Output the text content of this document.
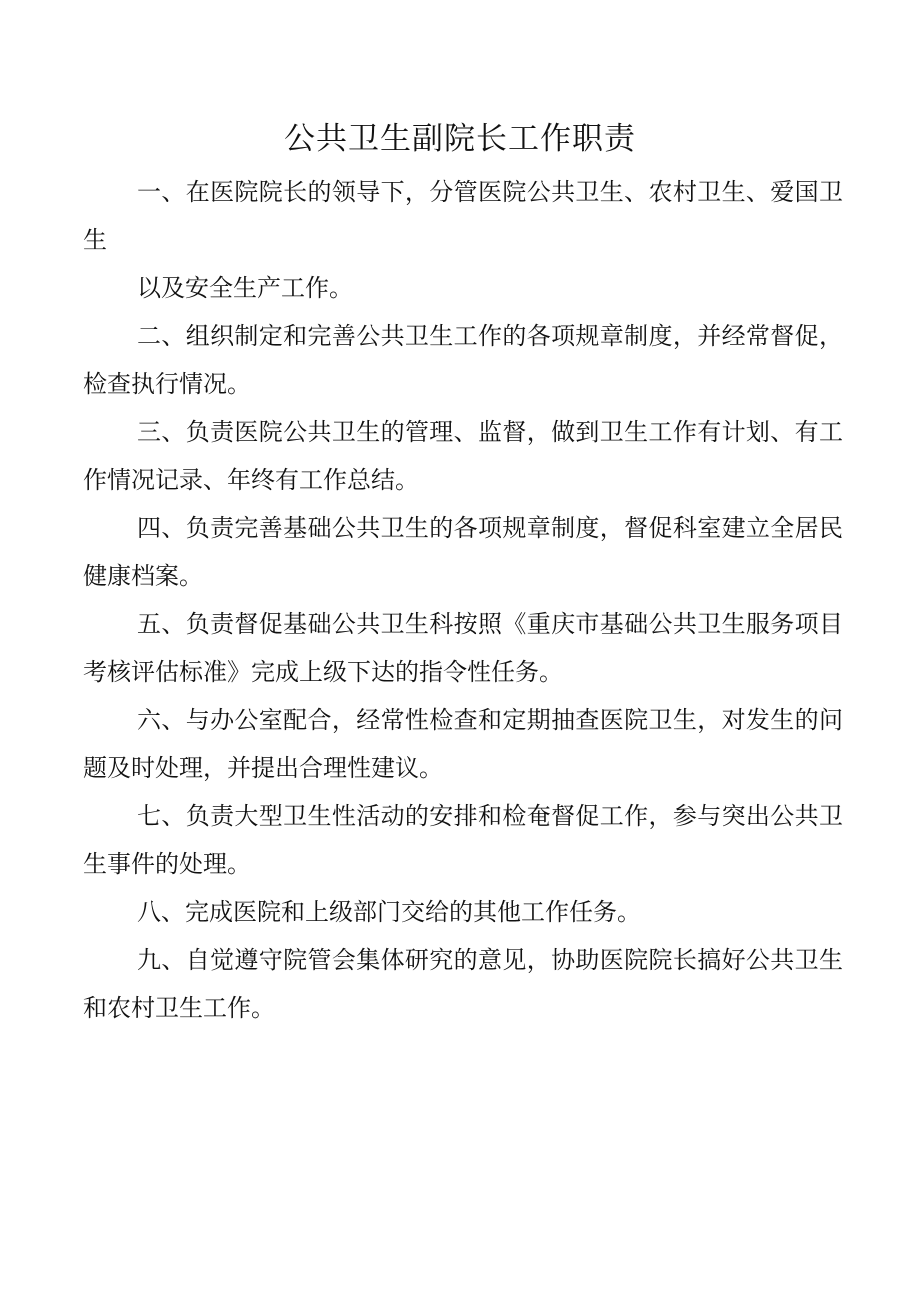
公共卫生副院长工作职责

一、在医院院长的领导下，分管医院公共卫生、农村卫生、爱国卫生

以及安全生产工作。

二、组织制定和完善公共卫生工作的各项规章制度，并经常督促，检查执行情况。

三、负责医院公共卫生的管理、监督，做到卫生工作有计划、有工作情况记录、年终有工作总结。

四、负责完善基础公共卫生的各项规章制度，督促科室建立全居民健康档案。

五、负责督促基础公共卫生科按照《重庆市基础公共卫生服务项目考核评估标准》完成上级下达的指令性任务。

六、与办公室配合，经常性检查和定期抽查医院卫生，对发生的问题及时处理，并提出合理性建议。

七、负责大型卫生性活动的安排和检奄督促工作，参与突出公共卫生事件的处理。

八、完成医院和上级部门交给的其他工作任务。

九、自觉遵守院管会集体研究的意见，协助医院院长搞好公共卫生和农村卫生工作。
